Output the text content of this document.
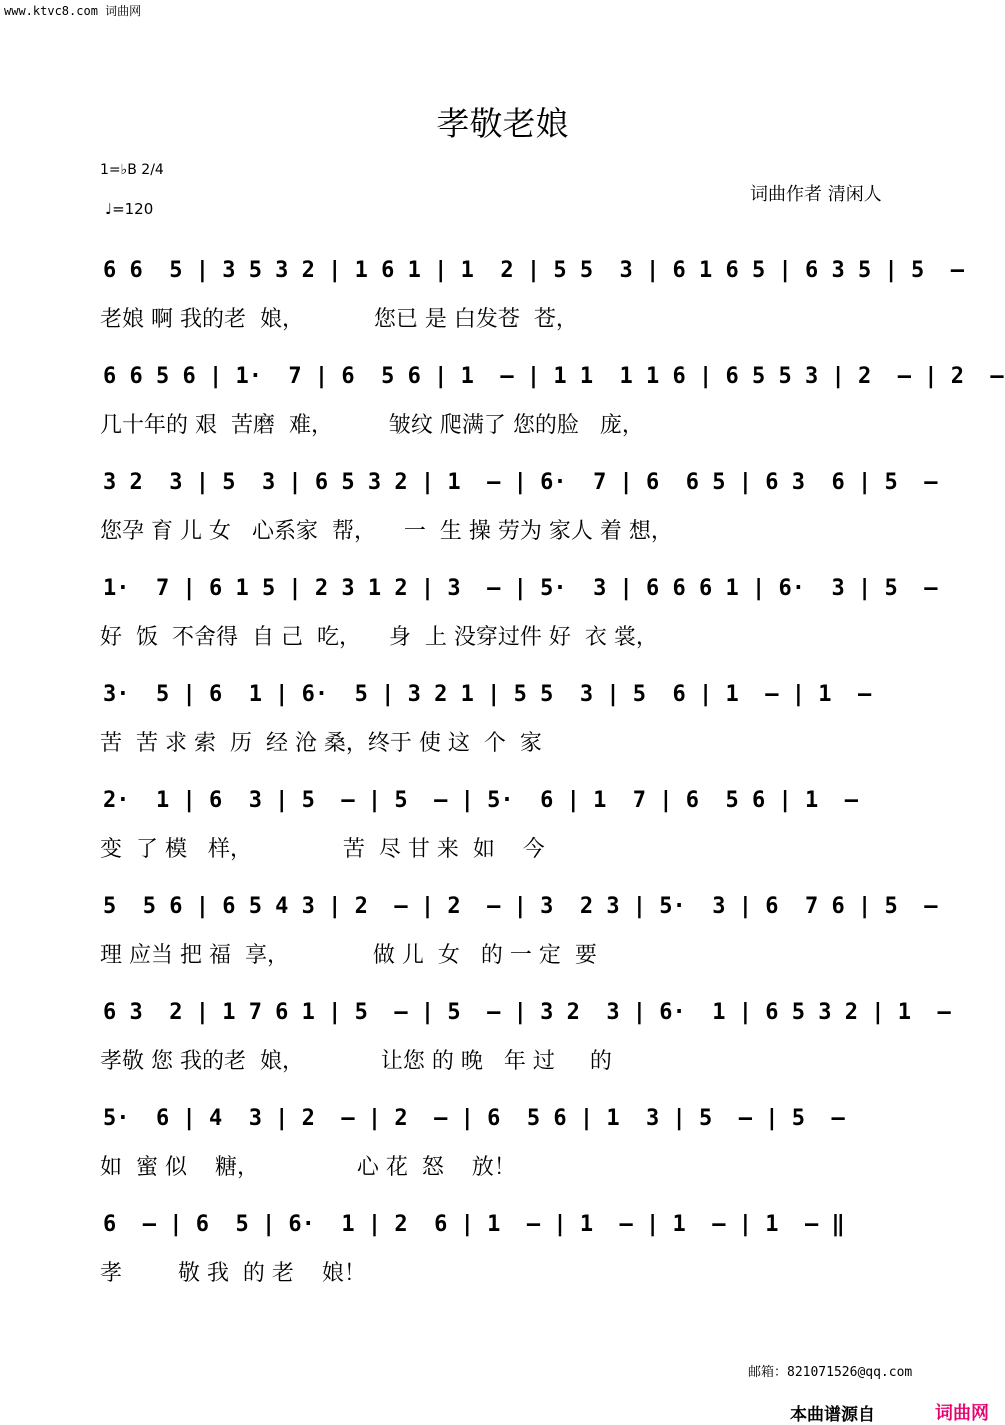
www.ktvc8.com 词曲网
孝敬老娘
1=♭B 2/4
♩=120
词曲作者 清闲人
6 6  5 | 3 5 3 2 | 1 6 1 | 1  2 | 5 5  3 | 6 1 6 5 | 6 3 5 | 5  –
老娘 啊 我的老  娘，          您已 是 白发苍  苍，
6 6 5 6 | 1·  7 | 6  5 6 | 1  – | 1 1  1 1 6 | 6 5 5 3 | 2  – | 2  –
几十年的 艰  苦磨  难，        皱纹 爬满了 您的脸   庞，
3 2  3 | 5  3 | 6 5 3 2 | 1  – | 6·  7 | 6  6 5 | 6 3  6 | 5  –
您孕 育 儿 女   心系家  帮，    一  生 操 劳为 家人 着 想，
1·  7 | 6 1 5 | 2 3 1 2 | 3  – | 5·  3 | 6 6 6 1 | 6·  3 | 5  –
好  饭  不舍得  自 己  吃，    身  上 没穿过件 好  衣 裳，
3·  5 | 6  1 | 6·  5 | 3 2 1 | 5 5  3 | 5  6 | 1  – | 1  –
苦  苦 求 索  历  经 沧 桑，终于 使 这  个  家
2·  1 | 6  3 | 5  – | 5  – | 5·  6 | 1  7 | 6  5 6 | 1  –
变  了 模   样，             苦  尽 甘 来  如    今
5  5 6 | 6 5 4 3 | 2  – | 2  – | 3  2 3 | 5·  3 | 6  7 6 | 5  –
理 应当 把 福  享，            做 儿  女   的 一 定  要
6 3  2 | 1 7 6 1 | 5  – | 5  – | 3 2  3 | 6·  1 | 6 5 3 2 | 1  –
孝敬 您 我的老  娘，           让您 的 晚   年 过     的
5·  6 | 4  3 | 2  – | 2  – | 6  5 6 | 1  3 | 5  – | 5  –
如  蜜 似    糖，              心 花  怒    放！
6  – | 6  5 | 6·  1 | 2  6 | 1  – | 1  – | 1  – | 1  – ‖
孝        敬 我  的 老    娘！
邮箱：821071526@qq.com
本曲谱源自	词曲网
